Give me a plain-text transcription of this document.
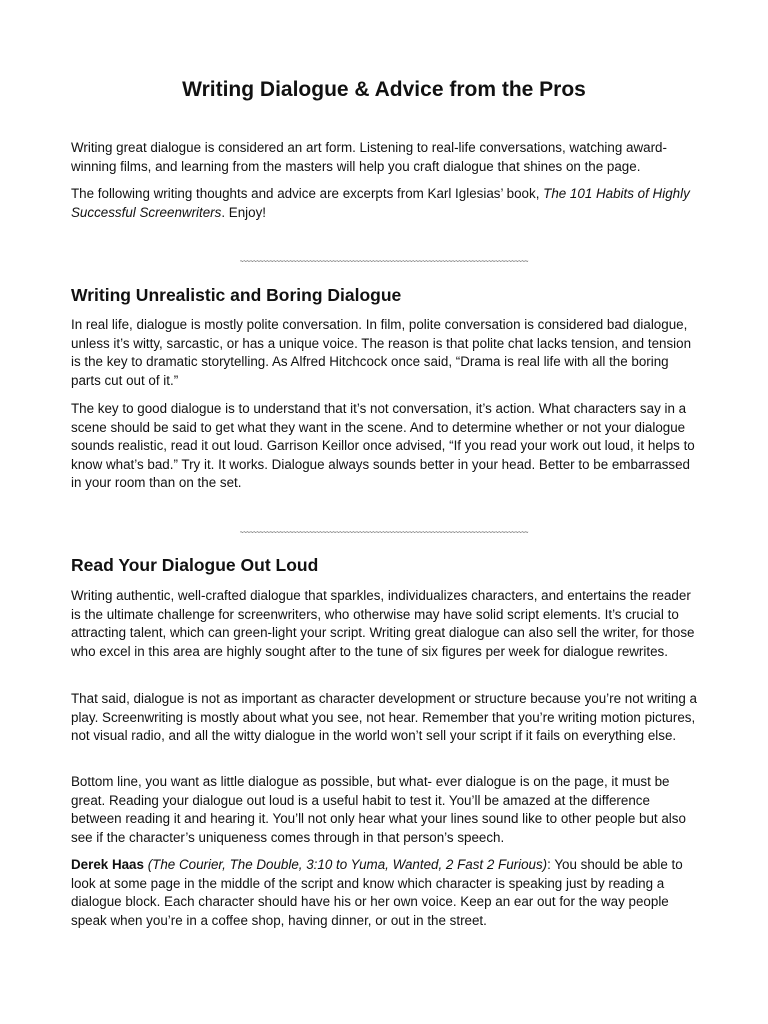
Writing Dialogue & Advice from the Pros

Writing great dialogue is considered an art form. Listening to real-life conversations, watching award-winning films, and learning from the masters will help you craft dialogue that shines on the page.

The following writing thoughts and advice are excerpts from Karl Iglesias’ book, The 101 Habits of Highly Successful Screenwriters. Enjoy!

~~~~~~~~~~~~~~~~~~~~~~~~~~~~~~~~~~~~~~~~~~~~~~~~~~~~~~~~~~~~~~~~~~~~~~~~~~~~~~~~~~~~~~~
Writing Unrealistic and Boring Dialogue

In real life, dialogue is mostly polite conversation. In film, polite conversation is considered bad dialogue, unless it’s witty, sarcastic, or has a unique voice. The reason is that polite chat lacks tension, and tension is the key to dramatic storytelling. As Alfred Hitchcock once said, “Drama is real life with all the boring parts cut out of it.”

The key to good dialogue is to understand that it’s not conversation, it’s action. What characters say in a scene should be said to get what they want in the scene. And to determine whether or not your dialogue sounds realistic, read it out loud. Garrison Keillor once advised, “If you read your work out loud, it helps to know what’s bad.” Try it. It works. Dialogue always sounds better in your head. Better to be embarrassed in your room than on the set.

~~~~~~~~~~~~~~~~~~~~~~~~~~~~~~~~~~~~~~~~~~~~~~~~~~~~~~~~~~~~~~~~~~~~~~~~~~~~~~~~~~~~~~~
Read Your Dialogue Out Loud

Writing authentic, well-crafted dialogue that sparkles, individualizes characters, and entertains the reader is the ultimate challenge for screenwriters, who otherwise may have solid script elements. It’s crucial to attracting talent, which can green-light your script. Writing great dialogue can also sell the writer, for those who excel in this area are highly sought after to the tune of six figures per week for dialogue rewrites.

That said, dialogue is not as important as character development or structure because you’re not writing a play. Screenwriting is mostly about what you see, not hear. Remember that you’re writing motion pictures, not visual radio, and all the witty dialogue in the world won’t sell your script if it fails on everything else.

Bottom line, you want as little dialogue as possible, but what- ever dialogue is on the page, it must be great. Reading your dialogue out loud is a useful habit to test it. You’ll be amazed at the difference between reading it and hearing it. You’ll not only hear what your lines sound like to other people but also see if the character’s uniqueness comes through in that person’s speech.

Derek Haas (The Courier, The Double, 3:10 to Yuma, Wanted, 2 Fast 2 Furious): You should be able to look at some page in the middle of the script and know which character is speaking just by reading a dialogue block. Each character should have his or her own voice. Keep an ear out for the way people speak when you’re in a coffee shop, having dinner, or out in the street.
